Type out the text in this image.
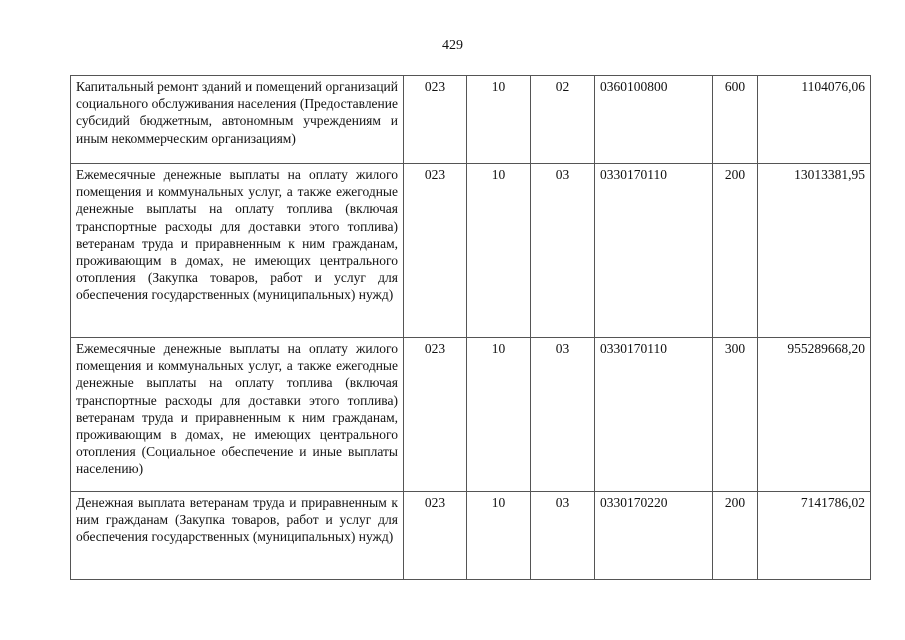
429
Капитальный ремонт зданий и помещений организаций социального обслуживания населения (Предоставление субсидий бюджетным, автономным учреждениям и иным некоммерческим организациям)	023	10	02	0360100800	600	1104076,06
Ежемесячные денежные выплаты на оплату жилого помещения и коммунальных услуг, а также ежегодные денежные выплаты на оплату топлива (включая транспортные расходы для доставки этого топлива) ветеранам труда и приравненным к ним гражданам, проживающим в домах, не имеющих центрального отопления (Закупка товаров, работ и услуг для обеспечения государственных (муниципальных) нужд)	023	10	03	0330170110	200	13013381,95
Ежемесячные денежные выплаты на оплату жилого помещения и коммунальных услуг, а также ежегодные денежные выплаты на оплату топлива (включая транспортные расходы для доставки этого топлива) ветеранам труда и приравненным к ним гражданам, проживающим в домах, не имеющих центрального отопления (Социальное обеспечение и иные выплаты населению)	023	10	03	0330170110	300	955289668,20
Денежная выплата ветеранам труда и приравненным к ним гражданам (Закупка товаров, работ и услуг для обеспечения государственных (муниципальных) нужд)	023	10	03	0330170220	200	7141786,02
